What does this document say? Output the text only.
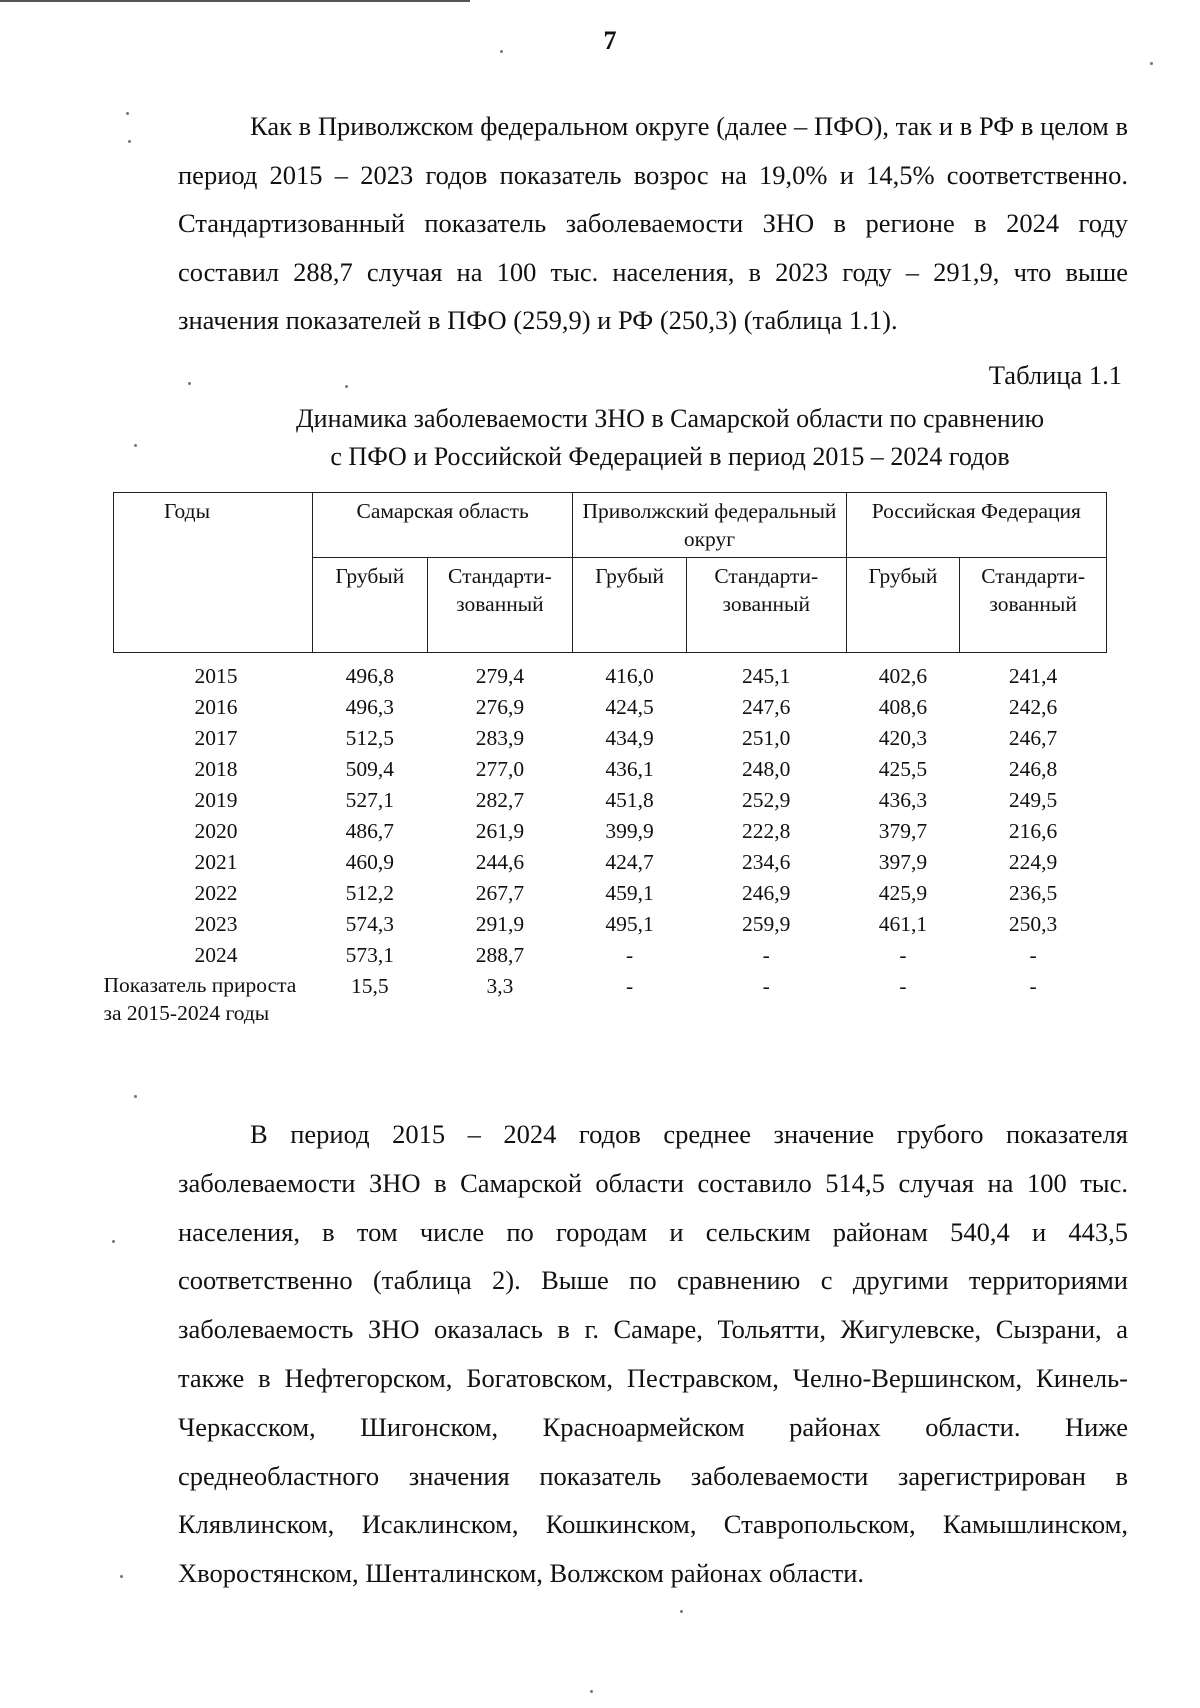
7

Как в Приволжском федеральном округе (далее – ПФО), так и в РФ в целом в период 2015 – 2023 годов показатель возрос на 19,0% и 14,5% соответственно. Стандартизованный показатель заболеваемости ЗНО в регионе в 2024 году составил 288,7 случая на 100 тыс. населения, в 2023 году – 291,9, что выше значения показателей в ПФО (259,9) и РФ (250,3) (таблица 1.1).

Таблица 1.1
Динамика заболеваемости ЗНО в Самарской области по сравнению
с ПФО и Российской Федерацией в период 2015 – 2024 годов
Годы	Самарская область	Приволжский федеральный округ	Российская Федерация
Грубый	Стандарти-зованный	Грубый	Стандарти-зованный	Грубый	Стандарти-зованный
2015	496,8	279,4	416,0	245,1	402,6	241,4
2016	496,3	276,9	424,5	247,6	408,6	242,6
2017	512,5	283,9	434,9	251,0	420,3	246,7
2018	509,4	277,0	436,1	248,0	425,5	246,8
2019	527,1	282,7	451,8	252,9	436,3	249,5
2020	486,7	261,9	399,9	222,8	379,7	216,6
2021	460,9	244,6	424,7	234,6	397,9	224,9
2022	512,2	267,7	459,1	246,9	425,9	236,5
2023	574,3	291,9	495,1	259,9	461,1	250,3
2024	573,1	288,7	-	-	-	-
Показатель прироста за 2015-2024 годы	15,5	3,3	-	-	-	-

В период 2015 – 2024 годов среднее значение грубого показателя заболеваемости ЗНО в Самарской области составило 514,5 случая на 100 тыс. населения, в том числе по городам и сельским районам 540,4 и 443,5 соответственно (таблица 2). Выше по сравнению с другими территориями заболеваемость ЗНО оказалась в г. Самаре, Тольятти, Жигулевске, Сызрани, а также в Нефтегорском, Богатовском, Пестравском, Челно-Вершинском, Кинель-Черкасском, Шигонском, Красноармейском районах области. Ниже среднеобластного значения показатель заболеваемости зарегистрирован в Клявлинском, Исаклинском, Кошкинском, Ставропольском, Камышлинском, Хворостянском, Шенталинском, Волжском районах области.
